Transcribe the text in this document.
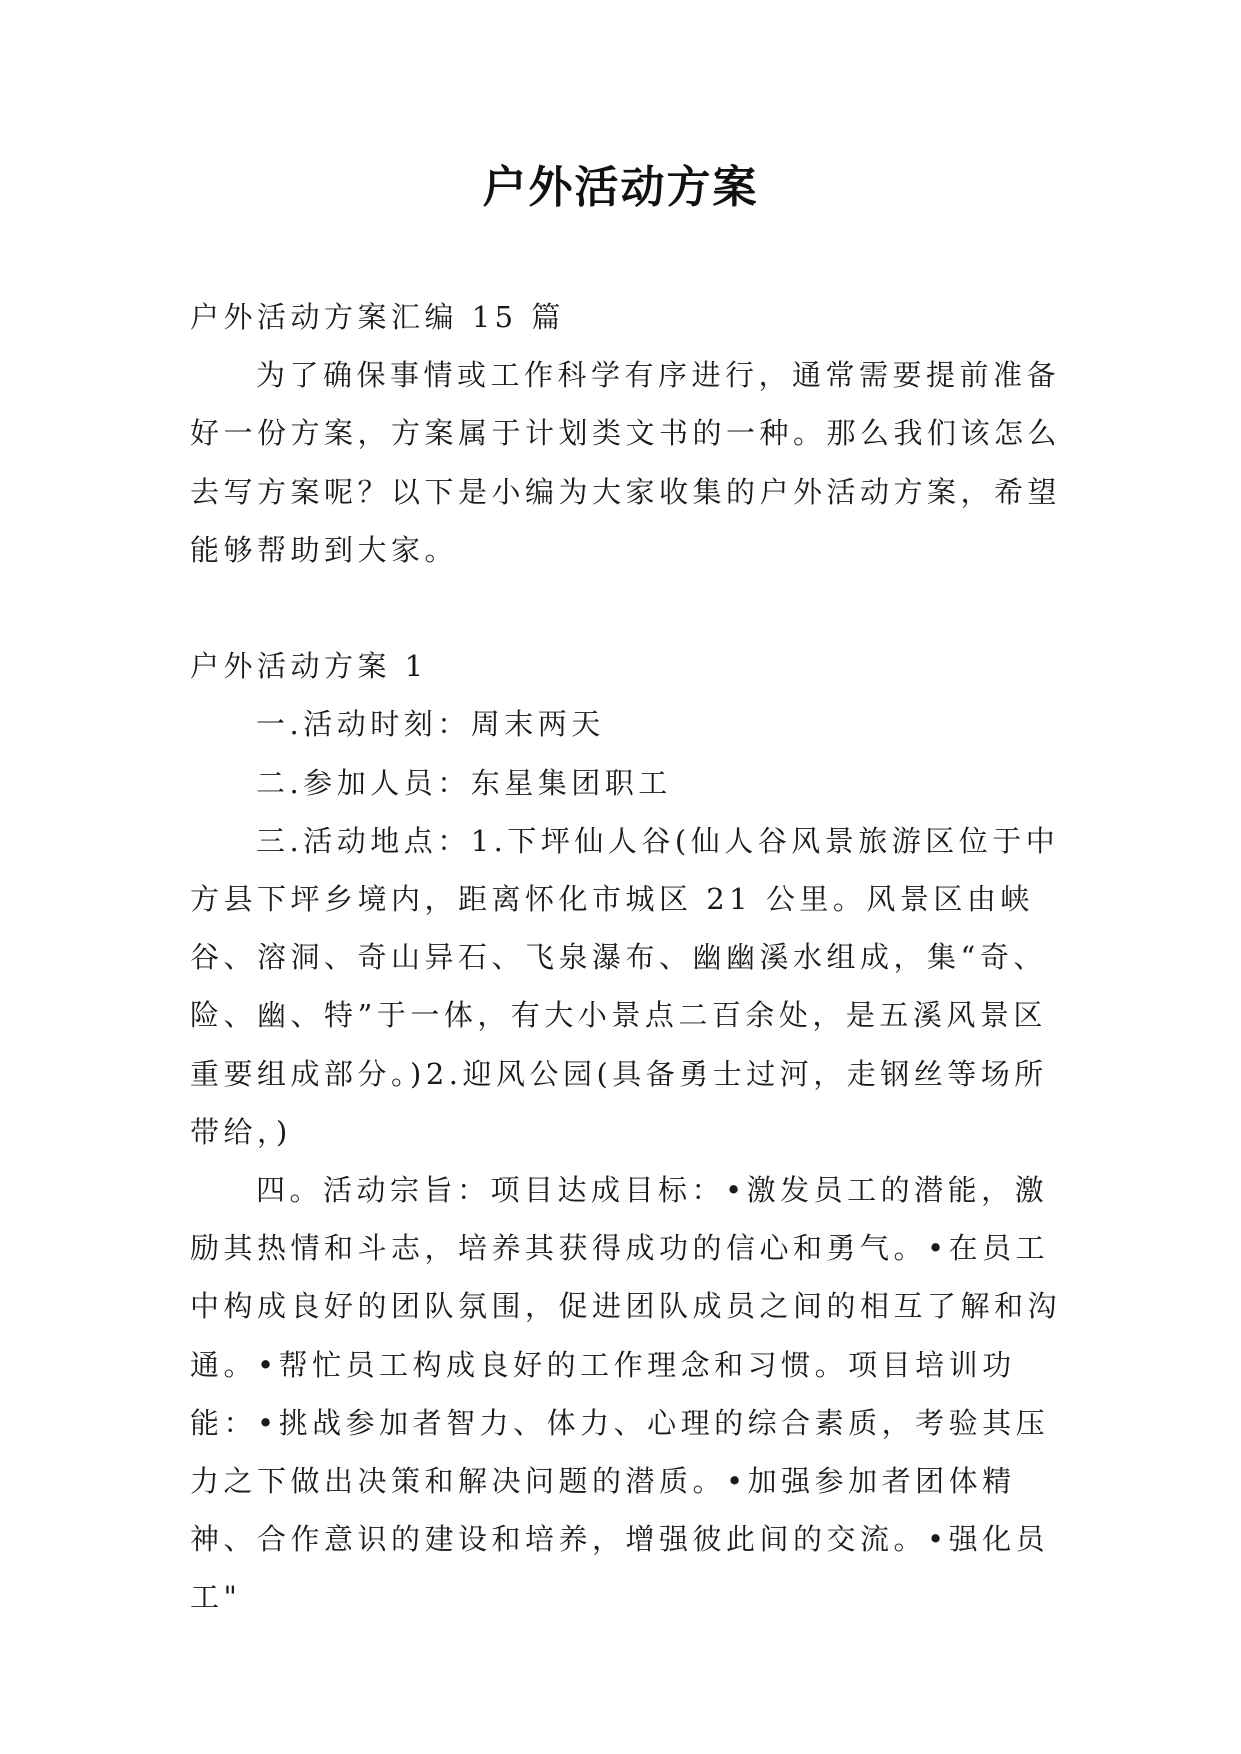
户外活动方案

户外活动方案汇编 15 篇

为了确保事情或工作科学有序进行，通常需要提前准备好一份方案，方案属于计划类文书的一种。那么我们该怎么去写方案呢？以下是小编为大家收集的户外活动方案，希望能够帮助到大家。

户外活动方案 1

一.活动时刻：周末两天

二.参加人员：东星集团职工

三.活动地点：1.下坪仙人谷(仙人谷风景旅游区位于中方县下坪乡境内，距离怀化市城区 21 公里。风景区由峡谷、溶洞、奇山异石、飞泉瀑布、幽幽溪水组成，集“奇、险、幽、特”于一体，有大小景点二百余处，是五溪风景区重要组成部分。)2.迎风公园(具备勇士过河，走钢丝等场所带给，)

四。活动宗旨：项目达成目标：•激发员工的潜能，激励其热情和斗志，培养其获得成功的信心和勇气。•在员工中构成良好的团队氛围，促进团队成员之间的相互了解和沟通。•帮忙员工构成良好的工作理念和习惯。项目培训功能：•挑战参加者智力、体力、心理的综合素质，考验其压力之下做出决策和解决问题的潜质。•加强参加者团体精神、合作意识的建设和培养，增强彼此间的交流。•强化员工"
